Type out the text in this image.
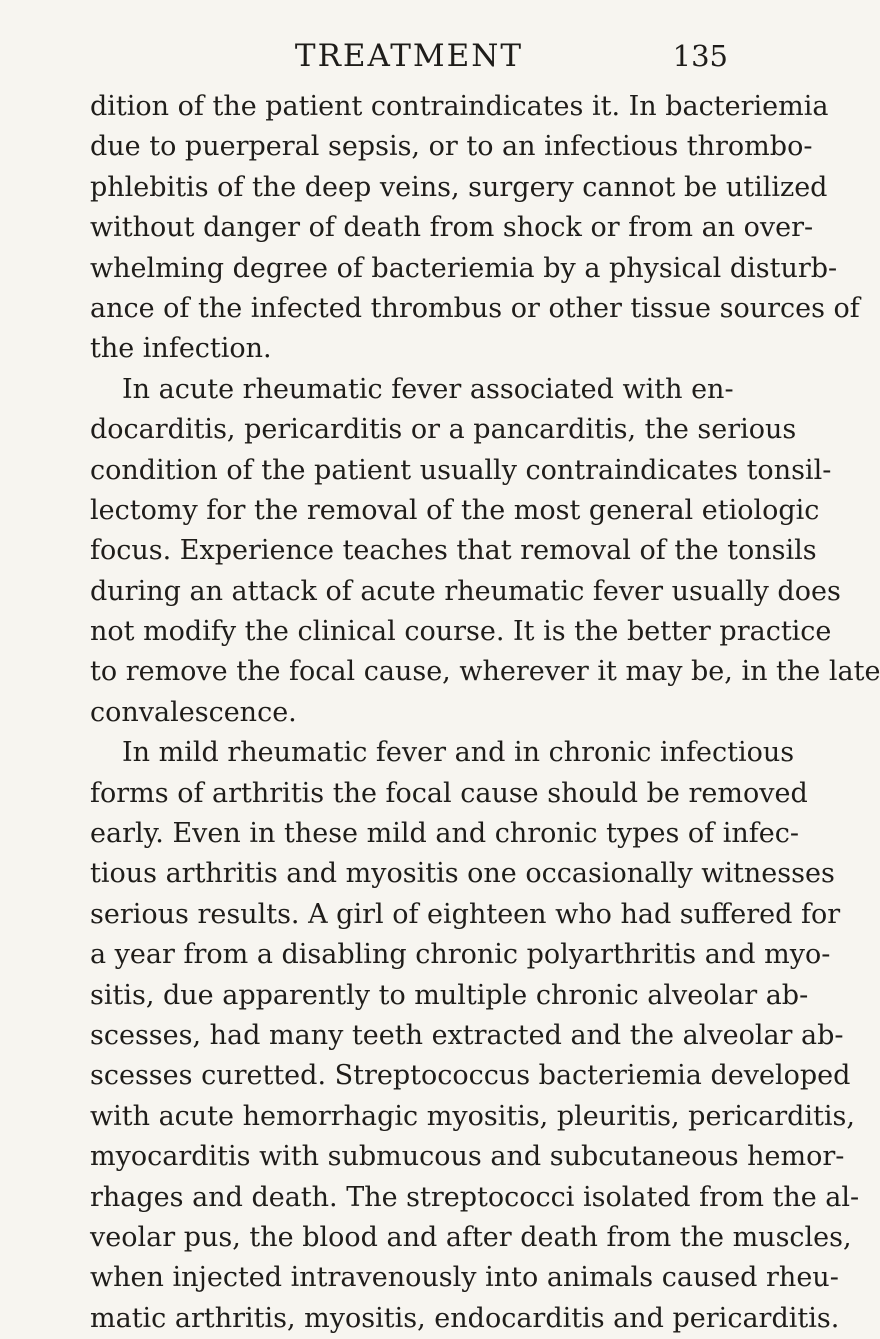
TREATMENT	135
dition of the patient contraindicates it. In bacteriemia
due to puerperal sepsis, or to an infectious thrombo-
phlebitis of the deep veins, surgery cannot be utilized
without danger of death from shock or from an over-
whelming degree of bacteriemia by a physical disturb-
ance of the infected thrombus or other tissue sources of
the infection.
In acute rheumatic fever associated with en-
docarditis, pericarditis or a pancarditis, the serious
condition of the patient usually contraindicates tonsil-
lectomy for the removal of the most general etiologic
focus. Experience teaches that removal of the tonsils
during an attack of acute rheumatic fever usually does
not modify the clinical course. It is the better practice
to remove the focal cause, wherever it may be, in the late
convalescence.
In mild rheumatic fever and in chronic infectious
forms of arthritis the focal cause should be removed
early. Even in these mild and chronic types of infec-
tious arthritis and myositis one occasionally witnesses
serious results. A girl of eighteen who had suffered for
a year from a disabling chronic polyarthritis and myo-
sitis, due apparently to multiple chronic alveolar ab-
scesses, had many teeth extracted and the alveolar ab-
scesses curetted. Streptococcus bacteriemia developed
with acute hemorrhagic myositis, pleuritis, pericarditis,
myocarditis with submucous and subcutaneous hemor-
rhages and death. The streptococci isolated from the al-
veolar pus, the blood and after death from the muscles,
when injected intravenously into animals caused rheu-
matic arthritis, myositis, endocarditis and pericarditis.
